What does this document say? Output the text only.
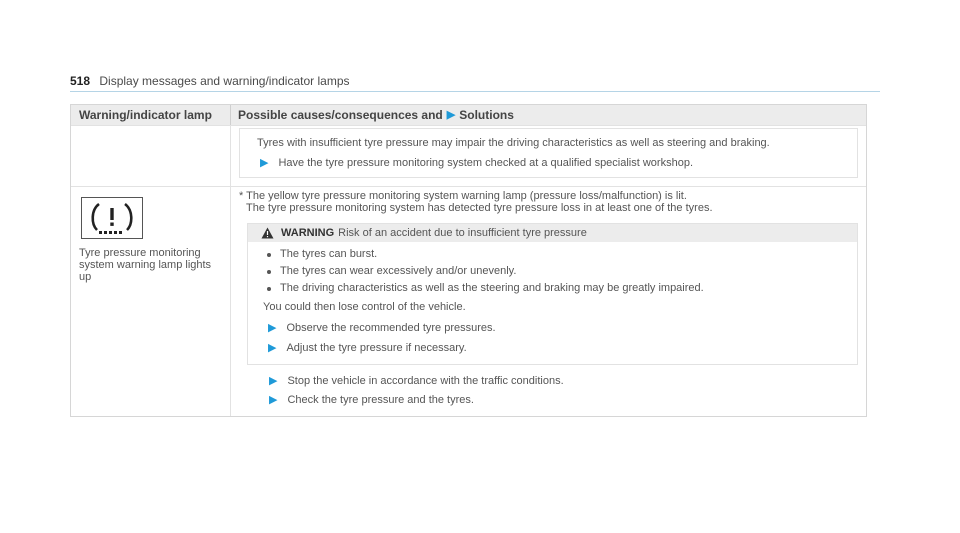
518 Display messages and warning/indicator lamps
Warning/indicator lamp	Possible causes/consequences and ▶ Solutions
Tyres with insufficient tyre pressure may impair the driving characteristics as well as steering and braking.
▶ Have the tyre pressure monitoring system checked at a qualified specialist workshop.
Tyre pressure monitoring system warning lamp lights up
* The yellow tyre pressure monitoring system warning lamp (pressure loss/malfunction) is lit.
The tyre pressure monitoring system has detected tyre pressure loss in at least one of the tyres.
WARNING Risk of an accident due to insufficient tyre pressure
The tyres can burst.
The tyres can wear excessively and/or unevenly.
The driving characteristics as well as the steering and braking may be greatly impaired.
You could then lose control of the vehicle.
▶ Observe the recommended tyre pressures.
▶ Adjust the tyre pressure if necessary.
▶ Stop the vehicle in accordance with the traffic conditions.
▶ Check the tyre pressure and the tyres.
